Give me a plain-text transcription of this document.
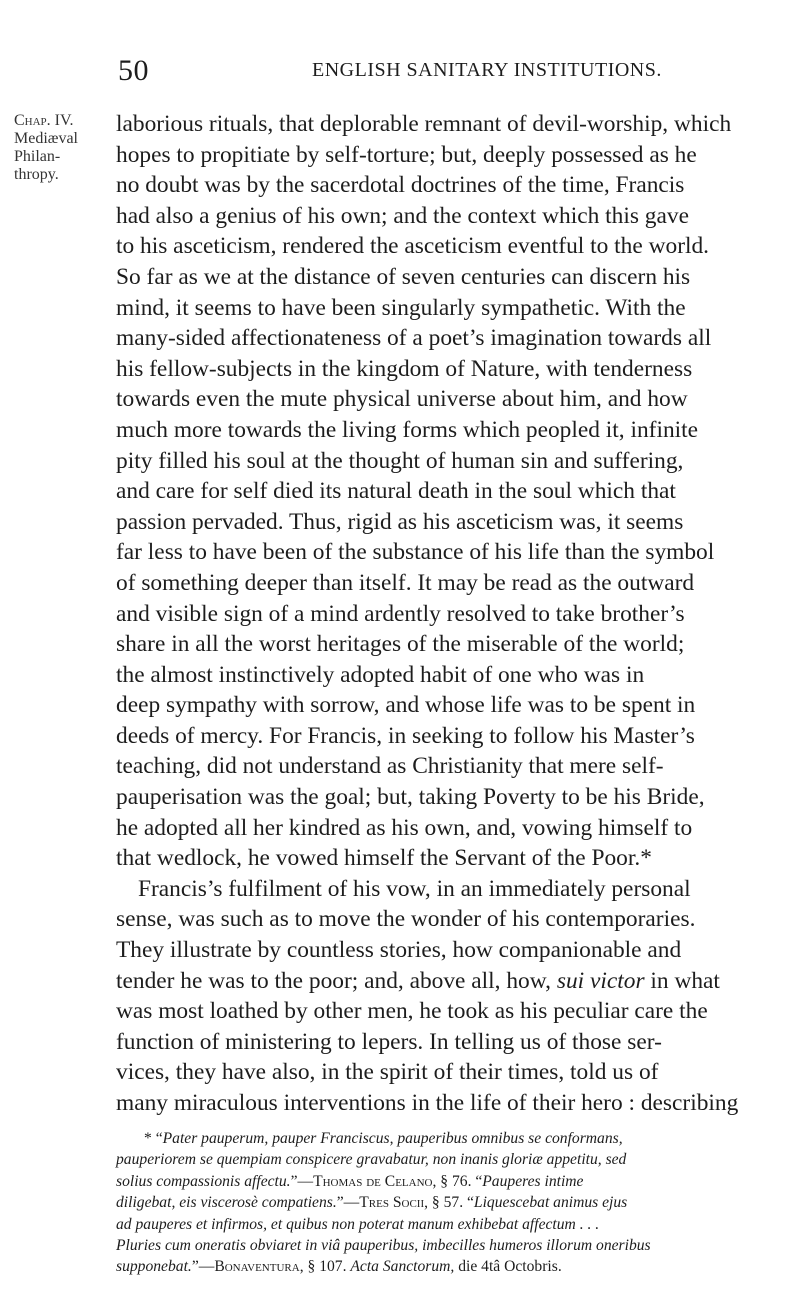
50	ENGLISH SANITARY INSTITUTIONS.
Chap. IV.
Mediæval
Philan-
thropy.
laborious rituals, that deplorable remnant of devil-worship, which
hopes to propitiate by self-torture; but, deeply possessed as he
no doubt was by the sacerdotal doctrines of the time, Francis
had also a genius of his own; and the context which this gave
to his asceticism, rendered the asceticism eventful to the world.
So far as we at the distance of seven centuries can discern his
mind, it seems to have been singularly sympathetic. With the
many-sided affectionateness of a poet’s imagination towards all
his fellow-subjects in the kingdom of Nature, with tenderness
towards even the mute physical universe about him, and how
much more towards the living forms which peopled it, infinite
pity filled his soul at the thought of human sin and suffering,
and care for self died its natural death in the soul which that
passion pervaded. Thus, rigid as his asceticism was, it seems
far less to have been of the substance of his life than the symbol
of something deeper than itself. It may be read as the outward
and visible sign of a mind ardently resolved to take brother’s
share in all the worst heritages of the miserable of the world;
the almost instinctively adopted habit of one who was in
deep sympathy with sorrow, and whose life was to be spent in
deeds of mercy. For Francis, in seeking to follow his Master’s
teaching, did not understand as Christianity that mere self-
pauperisation was the goal; but, taking Poverty to be his Bride,
he adopted all her kindred as his own, and, vowing himself to
that wedlock, he vowed himself the Servant of the Poor.*
Francis’s fulfilment of his vow, in an immediately personal
sense, was such as to move the wonder of his contemporaries.
They illustrate by countless stories, how companionable and
tender he was to the poor; and, above all, how, sui victor in what
was most loathed by other men, he took as his peculiar care the
function of ministering to lepers. In telling us of those ser-
vices, they have also, in the spirit of their times, told us of
many miraculous interventions in the life of their hero : describing
* “Pater pauperum, pauper Franciscus, pauperibus omnibus se conformans,
pauperiorem se quempiam conspicere gravabatur, non inanis gloriæ appetitu, sed
solius compassionis affectu.”—Thomas de Celano, § 76. “Pauperes intime
diligebat, eis viscerosè compatiens.”—Tres Socii, § 57. “Liquescebat animus ejus
ad pauperes et infirmos, et quibus non poterat manum exhibebat affectum . . .
Pluries cum oneratis obviaret in viâ pauperibus, imbecilles humeros illorum oneribus
supponebat.”—Bonaventura, § 107. Acta Sanctorum, die 4tâ Octobris.
